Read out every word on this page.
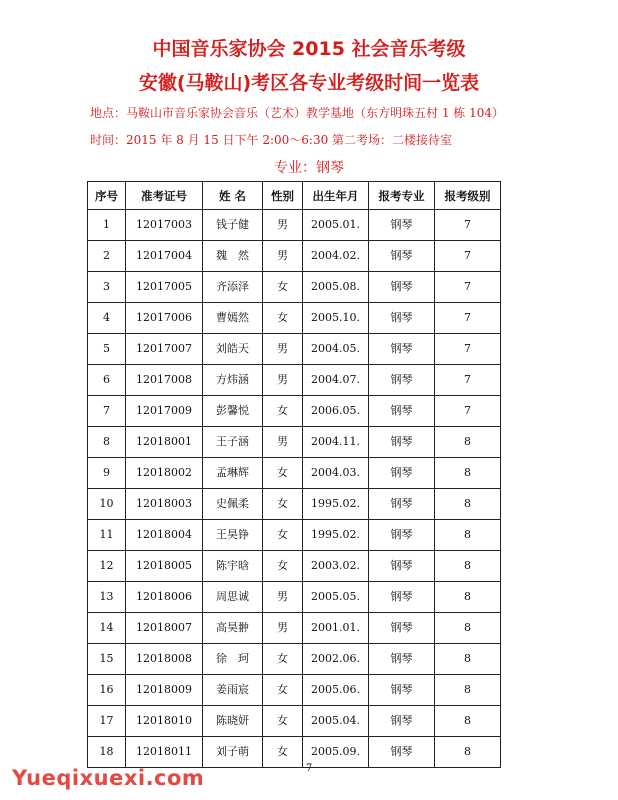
中国音乐家协会 2015 社会音乐考级
安徽(马鞍山)考区各专业考级时间一览表
地点：马鞍山市音乐家协会音乐（艺术）教学基地（东方明珠五村 1 栋 104）
时间：2015 年 8 月 15 日下午 2:00～6:30 第二考场：二楼接待室
专业：钢琴
序号	准考证号	姓 名	性别	出生年月	报考专业	报考级别
1	12017003	钱子健	男	2005.01.	钢琴	7
2	12017004	魏　然	男	2004.02.	钢琴	7
3	12017005	齐添泽	女	2005.08.	钢琴	7
4	12017006	曹嫣然	女	2005.10.	钢琴	7
5	12017007	刘皓天	男	2004.05.	钢琴	7
6	12017008	方炜涵	男	2004.07.	钢琴	7
7	12017009	彭馨悦	女	2006.05.	钢琴	7
8	12018001	王子涵	男	2004.11.	钢琴	8
9	12018002	孟琳辉	女	2004.03.	钢琴	8
10	12018003	史佩柔	女	1995.02.	钢琴	8
11	12018004	王昊铮	女	1995.02.	钢琴	8
12	12018005	陈宇晗	女	2003.02.	钢琴	8
13	12018006	周思诚	男	2005.05.	钢琴	8
14	12018007	高昊翀	男	2001.01.	钢琴	8
15	12018008	徐　珂	女	2002.06.	钢琴	8
16	12018009	姜雨宸	女	2005.06.	钢琴	8
17	12018010	陈晓妍	女	2005.04.	钢琴	8
18	12018011	刘子萌	女	2005.09.	钢琴	8
7
Yueqixuexi.com
